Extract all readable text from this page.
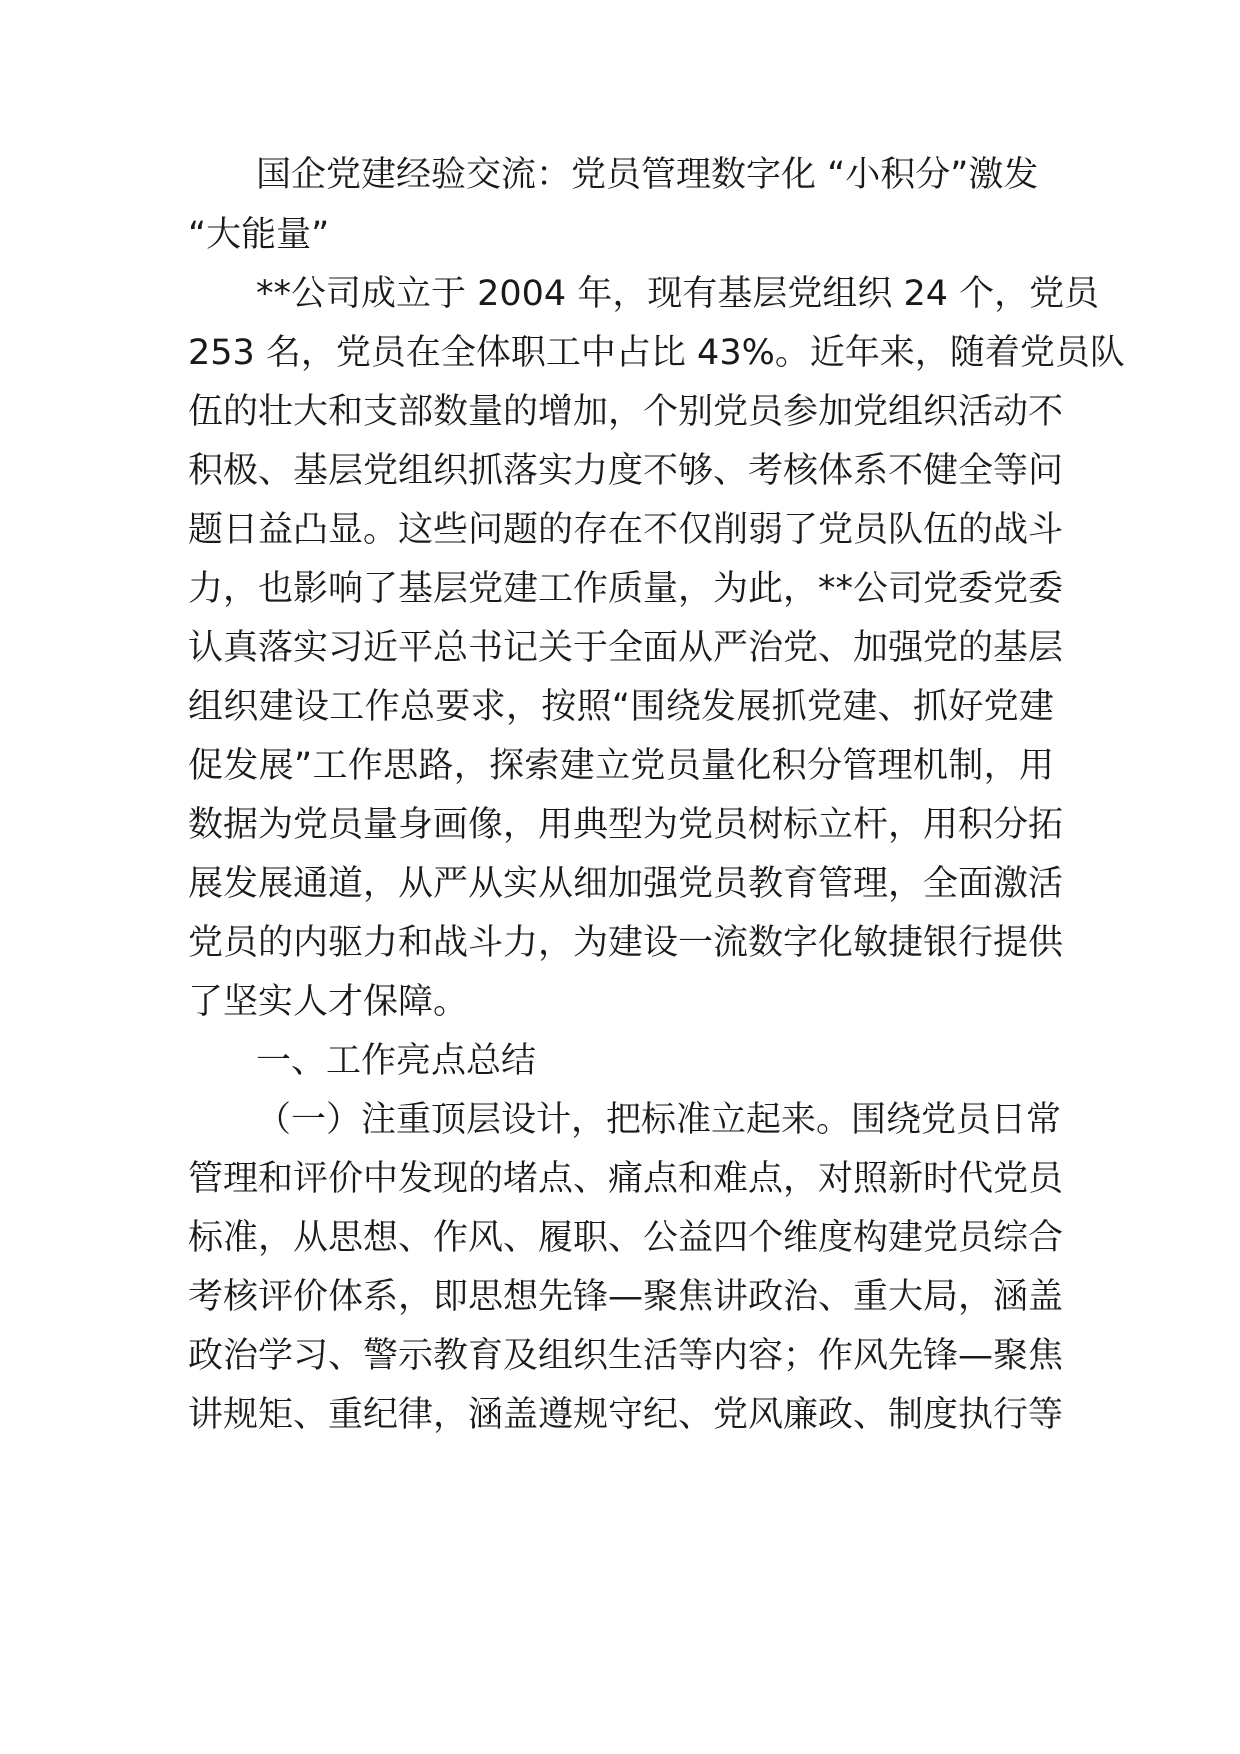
国企党建经验交流：党员管理数字化 “小积分”激发
“大能量”
**公司成立于 2004 年，现有基层党组织 24 个，党员
253 名，党员在全体职工中占比 43%。近年来，随着党员队
伍的壮大和支部数量的增加，个别党员参加党组织活动不
积极、基层党组织抓落实力度不够、考核体系不健全等问
题日益凸显。这些问题的存在不仅削弱了党员队伍的战斗
力，也影响了基层党建工作质量，为此，**公司党委党委
认真落实习近平总书记关于全面从严治党、加强党的基层
组织建设工作总要求，按照“围绕发展抓党建、抓好党建
促发展”工作思路，探索建立党员量化积分管理机制，用
数据为党员量身画像，用典型为党员树标立杆，用积分拓
展发展通道，从严从实从细加强党员教育管理，全面激活
党员的内驱力和战斗力，为建设一流数字化敏捷银行提供
了坚实人才保障。
一、工作亮点总结
（一）注重顶层设计，把标准立起来。围绕党员日常
管理和评价中发现的堵点、痛点和难点，对照新时代党员
标准，从思想、作风、履职、公益四个维度构建党员综合
考核评价体系，即思想先锋—聚焦讲政治、重大局，涵盖
政治学习、警示教育及组织生活等内容；作风先锋—聚焦
讲规矩、重纪律，涵盖遵规守纪、党风廉政、制度执行等
